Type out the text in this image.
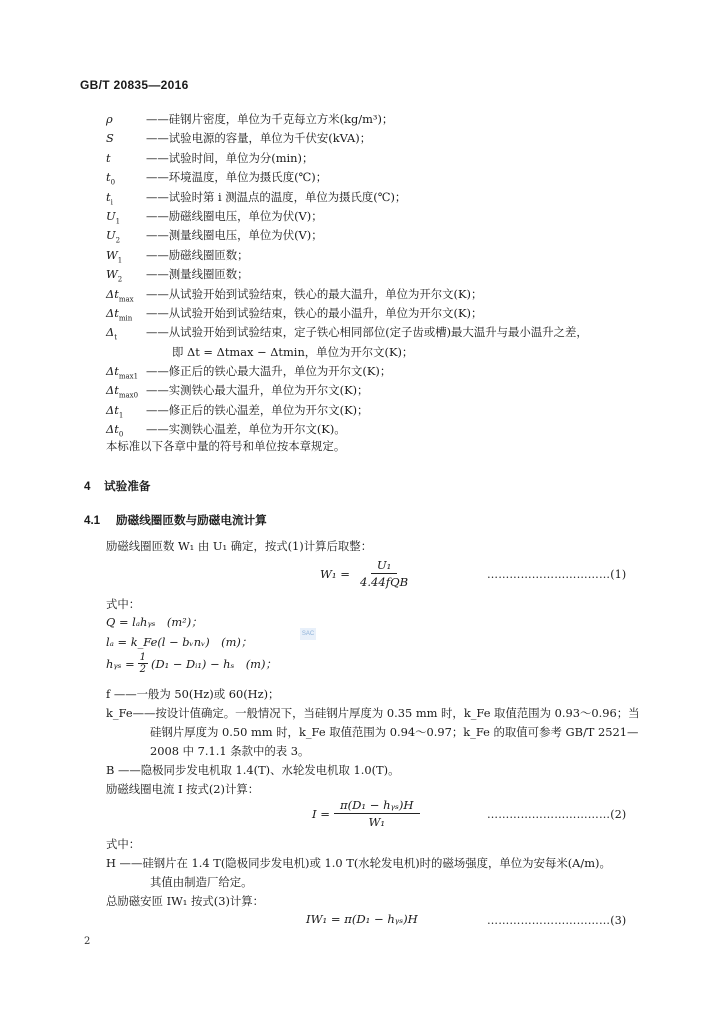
GB/T 20835—2016
ρ	——硅钢片密度，单位为千克每立方米(kg/m³)；
S	——试验电源的容量，单位为千伏安(kVA)；
t	——试验时间，单位为分(min)；
$t_0$	——环境温度，单位为摄氏度(℃)；
$t_i$	——试验时第 i 测温点的温度，单位为摄氏度(℃)；
$U_1$	——励磁线圈电压，单位为伏(V)；
$U_2$	——测量线圈电压，单位为伏(V)；
$W_1$	——励磁线圈匝数；
$W_2$	——测量线圈匝数；
$\Delta t_{max}$	——从试验开始到试验结束，铁心的最大温升，单位为开尔文(K)；
$\Delta t_{min}$	——从试验开始到试验结束，铁心的最小温升，单位为开尔文(K)；
$\Delta_t$	——从试验开始到试验结束，定子铁心相同部位(定子齿或槽)最大温升与最小温升之差，
即 Δt = Δtmax − Δtmin，单位为开尔文(K)；
$\Delta t_{max1}$ ——修正后的铁心最大温升，单位为开尔文(K)；
$\Delta t_{max0}$ ——实测铁心最大温升，单位为开尔文(K)；
$\Delta t_1$	——修正后的铁心温差，单位为开尔文(K)；
$\Delta t_0$	——实测铁心温差，单位为开尔文(K)。
本标准以下各章中量的符号和单位按本章规定。
4 试验准备
4.1 励磁线圈匝数与励磁电流计算
励磁线圈匝数 W₁ 由 U₁ 确定，按式(1)计算后取整：
$W_1 = \frac{\text{U₁}}{\text{4.44fQB}}$	……………………………(1)
式中：
Q = lₐhᵧₛ　(m²)；
lₐ = k_Fe(l − bᵥnᵥ)　(m)；
hᵧₛ = $\frac{1}{2} (D_1$ − Dᵢ₁) − hₛ　(m)；
SAC
f ——一般为 50(Hz)或 60(Hz)；
k_Fe——按设计值确定。一般情况下，当硅钢片厚度为 0.35 mm 时，k_Fe 取值范围为 0.93～0.96；当
硅钢片厚度为 0.50 mm 时，k_Fe 取值范围为 0.94～0.97；k_Fe 的取值可参考 GB/T 2521—
2008 中 7.1.1 条款中的表 3。
B ——隐极同步发电机取 1.4(T)、水轮发电机取 1.0(T)。
励磁线圈电流 I 按式(2)计算：
$I = \frac{\text{π(D₁ − hᵧₛ)H}}{\text{W₁}}$	……………………………(2)
式中：
H ——硅钢片在 1.4 T(隐极同步发电机)或 1.0 T(水轮发电机)时的磁场强度，单位为安每米(A/m)。
其值由制造厂给定。
总励磁安匝 IW₁ 按式(3)计算：
IW₁ = π(D₁ − hᵧₛ)H	……………………………(3)
2
